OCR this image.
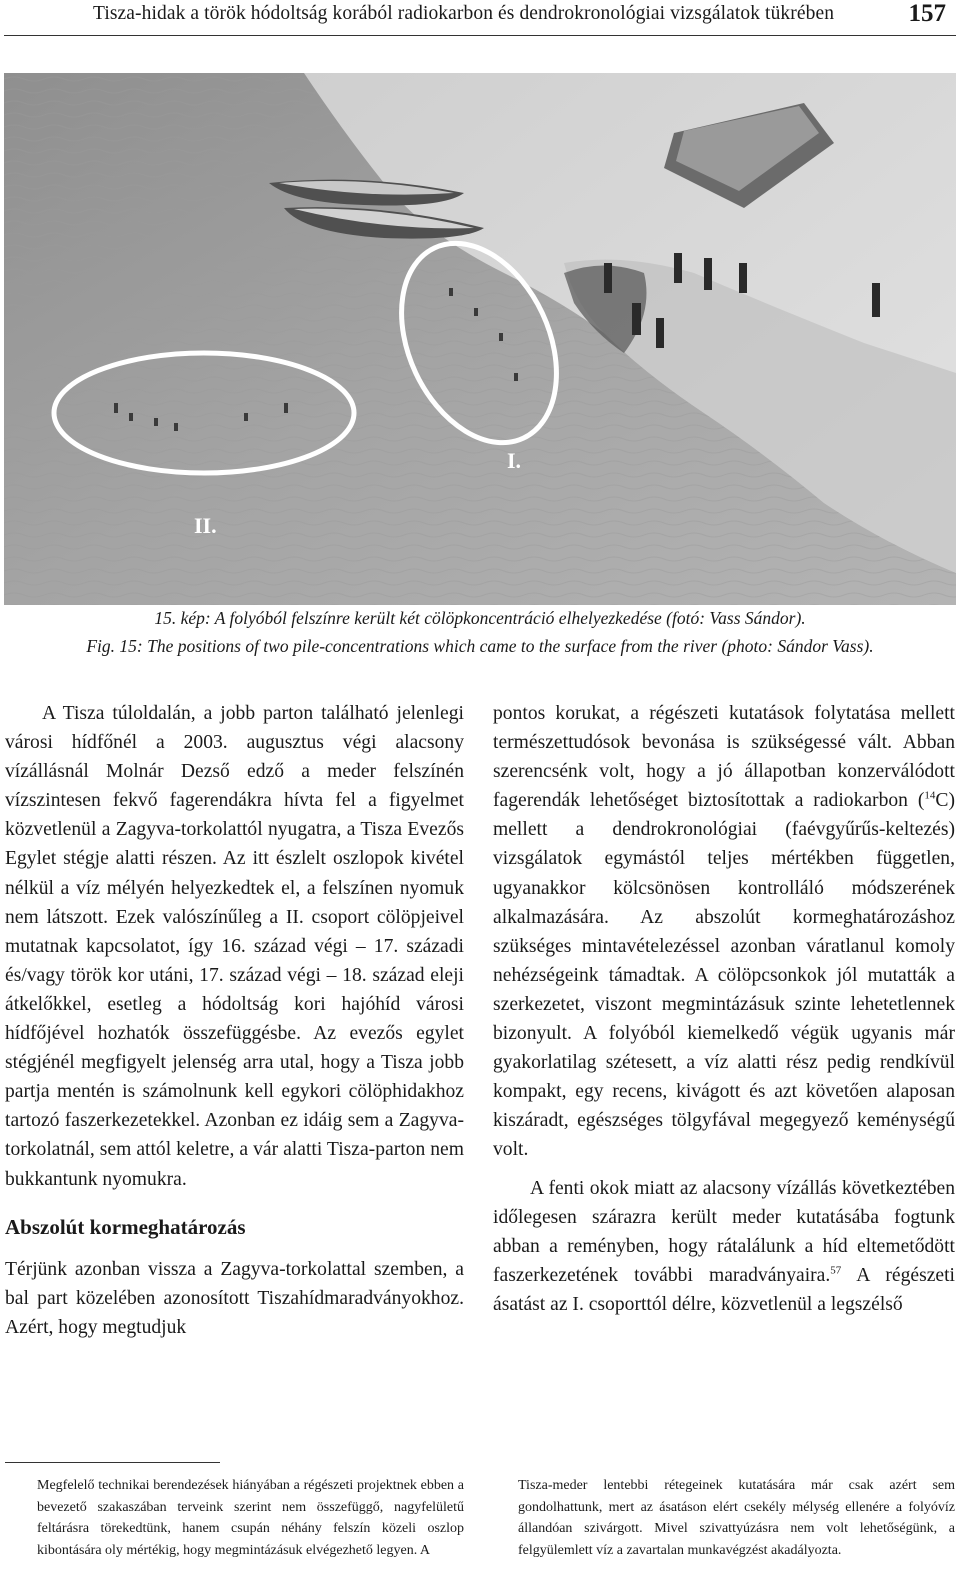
Tisza-hidak a török hódoltság korából radiokarbon és dendrokronológiai vizsgálatok tükrében	157
I.
II.
15. kép: A folyóból felszínre került két cölöpkoncentráció elhelyezkedése (fotó: Vass Sándor).
Fig. 15: The positions of two pile-concentrations which came to the surface from the river (photo: Sándor Vass).

A Tisza túloldalán, a jobb parton található jelenlegi városi hídfőnél a 2003. augusztus végi alacsony vízállásnál Molnár Dezső edző a meder felszínén vízszintesen fekvő fagerendákra hívta fel a figyelmet közvetlenül a Zagyva-torkolattól nyugatra, a Tisza Evezős Egylet stégje alatti részen. Az itt észlelt oszlopok kivétel nélkül a víz mélyén helyezkedtek el, a felszínen nyomuk nem látszott. Ezek valószínűleg a II. csoport cölöpjeivel mutatnak kapcsolatot, így 16. század végi – 17. századi és/vagy török kor utáni, 17. század végi – 18. század eleji átkelőkkel, esetleg a hódoltság kori hajóhíd városi hídfőjével hozhatók összefüggésbe. Az evezős egylet stégjénél megfigyelt jelenség arra utal, hogy a Tisza jobb partja mentén is számolnunk kell egykori cölöphidakhoz tartozó faszerkezetekkel. Azonban ez idáig sem a Zagyva-torkolatnál, sem attól keletre, a vár alatti Tisza-parton nem bukkantunk nyomukra.

Abszolút kormeghatározás

Térjünk azonban vissza a Zagyva-torkolattal szemben, a bal part közelében azonosított Tiszahídmaradványokhoz. Azért, hogy megtudjuk

pontos korukat, a régészeti kutatások folytatása mellett természettudósok bevonása is szükségessé vált. Abban szerencsénk volt, hogy a jó állapotban konzerválódott fagerendák lehetőséget biztosítottak a radiokarbon ($^{14}$C) mellett a dendrokronológiai (faévgyűrűs-keltezés) vizsgálatok egymástól teljes mértékben független, ugyanakkor kölcsönösen kontrolláló módszerének alkalmazására. Az abszolút kormeghatározáshoz szükséges mintavételezéssel azonban váratlanul komoly nehézségeink támadtak. A cölöpcsonkok jól mutatták a szerkezetet, viszont megmintázásuk szinte lehetetlennek bizonyult. A folyóból kiemelkedő végük ugyanis már gyakorlatilag szétesett, a víz alatti rész pedig rendkívül kompakt, egy recens, kivágott és azt követően alaposan kiszáradt, egészséges tölgyfával megegyező keménységű volt.

A fenti okok miatt az alacsony vízállás következtében időlegesen szárazra került meder kutatásába fogtunk abban a reményben, hogy rátalálunk a híd eltemetődött faszerkezetének további maradványaira.$^{57}$ A régészeti ásatást az I. csoporttól délre, közvetlenül a legszélső

Megfelelő technikai berendezések hiányában a régészeti projektnek ebben a bevezető szakaszában terveink szerint nem összefüggő, nagyfelületű feltárásra törekedtünk, hanem csupán néhány felszín közeli oszlop kibontására oly mértékig, hogy megmintázásuk elvégezhető legyen. A

Tisza-meder lentebbi rétegeinek kutatására már csak azért sem gondolhattunk, mert az ásatáson elért csekély mélység ellenére a folyóvíz állandóan szivárgott. Mivel szivattyúzásra nem volt lehetőségünk, a felgyülemlett víz a zavartalan munkavégzést akadályozta.
